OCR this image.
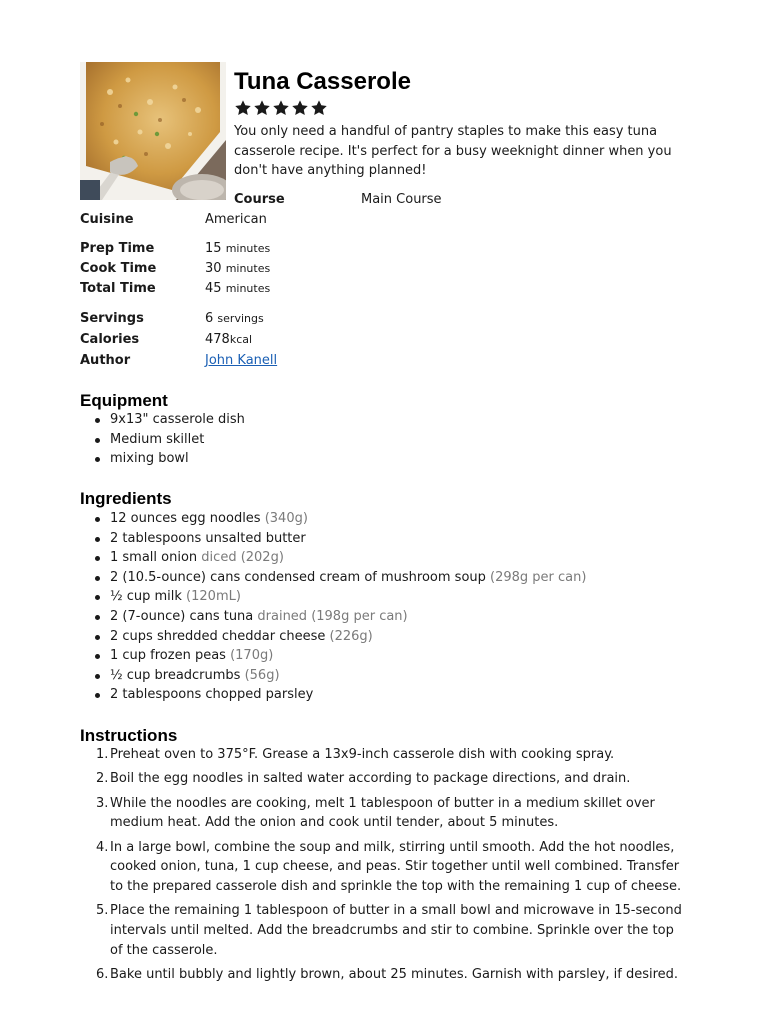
Tuna Casserole

You only need a handful of pantry staples to make this easy tuna casserole recipe. It's perfect for a busy weeknight dinner when you don't have anything planned!

Course	Main Course
Cuisine	American
Prep Time	15 minutes
Cook Time	30 minutes
Total Time	45 minutes
Servings	6 servings
Calories	478kcal
Author	John Kanell
Equipment
9x13" casserole dish
Medium skillet
mixing bowl
Ingredients
12 ounces egg noodles (340g)
2 tablespoons unsalted butter
1 small onion diced (202g)
2 (10.5-ounce) cans condensed cream of mushroom soup (298g per can)
½ cup milk (120mL)
2 (7-ounce) cans tuna drained (198g per can)
2 cups shredded cheddar cheese (226g)
1 cup frozen peas (170g)
½ cup breadcrumbs (56g)
2 tablespoons chopped parsley
Instructions
1. Preheat oven to 375°F. Grease a 13x9-inch casserole dish with cooking spray.
2. Boil the egg noodles in salted water according to package directions, and drain.
3. While the noodles are cooking, melt 1 tablespoon of butter in a medium skillet over medium heat. Add the onion and cook until tender, about 5 minutes.
4. In a large bowl, combine the soup and milk, stirring until smooth. Add the hot noodles, cooked onion, tuna, 1 cup cheese, and peas. Stir together until well combined. Transfer to the prepared casserole dish and sprinkle the top with the remaining 1 cup of cheese.
5. Place the remaining 1 tablespoon of butter in a small bowl and microwave in 15-second intervals until melted. Add the breadcrumbs and stir to combine. Sprinkle over the top of the casserole.
6. Bake until bubbly and lightly brown, about 25 minutes. Garnish with parsley, if desired.
